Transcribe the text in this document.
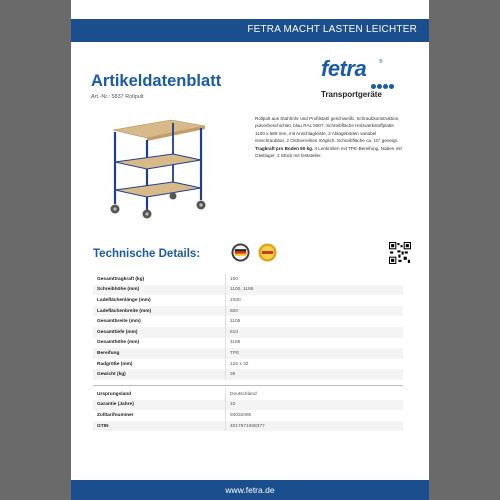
FETRA MACHT LASTEN LEICHTER
Artikeldatenblatt
Art.-Nr.: 5837 Rollpult
fetra	®
Transportgeräte
Rollpult aus Stahlrohr und Profilstahl geschweißt. Schraubkonstruktion, pulverbeschichtet, blau RAL 5007. Schreibfläche Holzwerkstoffplatte 1100 x 589 mm, mit Anschlagleiste, 2 Ablageböden variabel einschraubbar, 2 Ordnerreihen möglich. Schreibfläche ca. 10° geneigt. Tragkraft pro Boden 50 kg. 4 Lenkrollen mit TPE-Bereifung, Naben mit Gleitlager. 2 Stück mit feststeller.
Technische Details:
Gesamttragkraft (kg)	100
Schreibhöhe (mm)	1100, 1195
Ladeflächenlänge (mm)	1000
Ladeflächenbreite (mm)	600
Gesamtbreite (mm)	1105
Gesamttiefe (mm)	610
Gesamthöhe (mm)	1195
Bereifung	TPE
Radgröße (mm)	125 x 32
Gewicht (kg)	39
Ursprungsland	Deutschland
Garantie (Jahre)	10
Zolltarifnummer	94032080
GTIN	4017971658377
www.fetra.de
